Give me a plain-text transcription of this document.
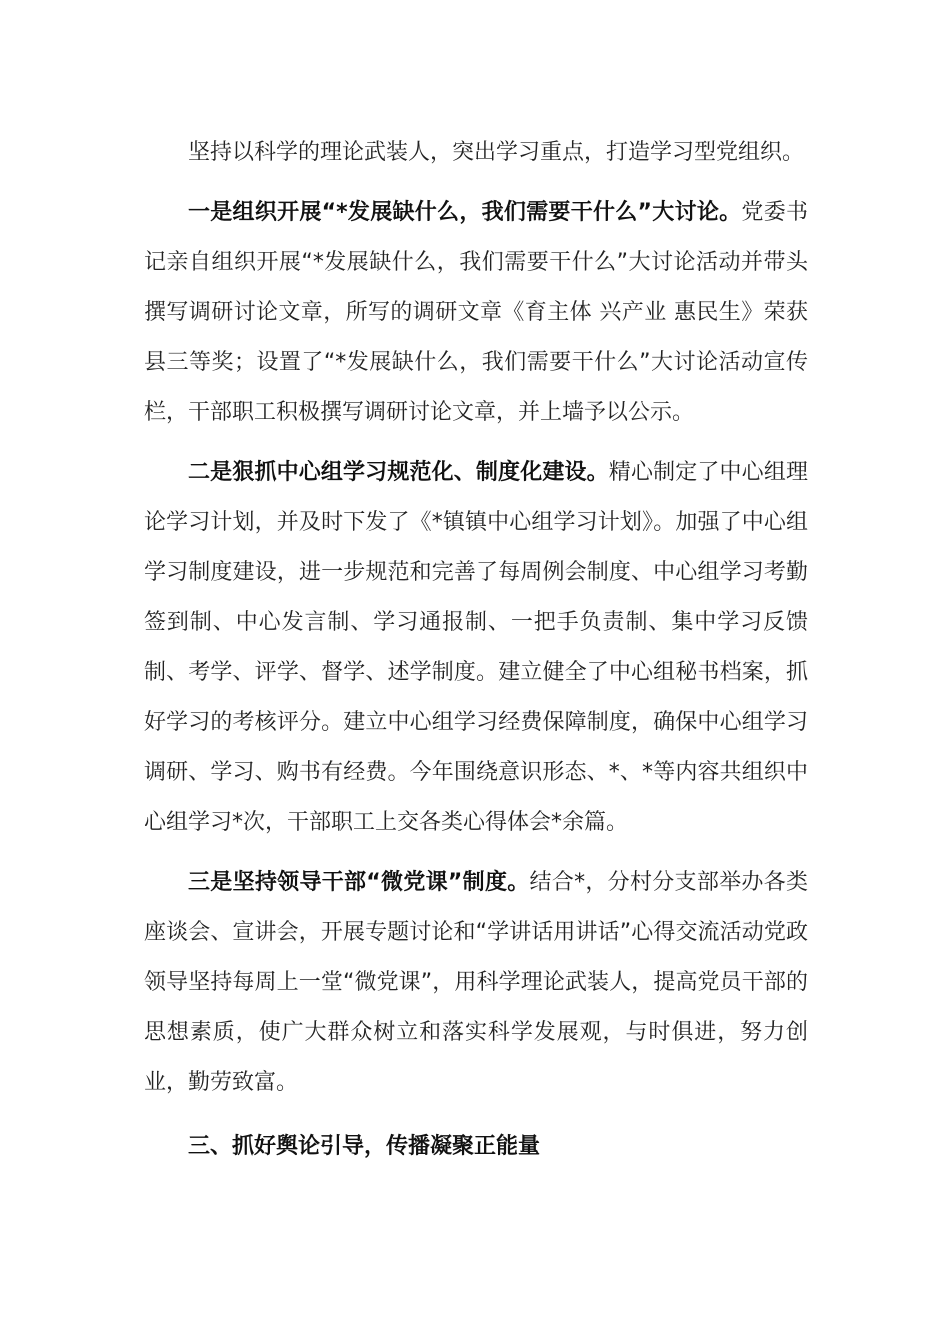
坚持以科学的理论武装人，突出学习重点，打造学习型党组织。

一是组织开展“*发展缺什么，我们需要干什么”大讨论。党委书记亲自组织开展“*发展缺什么，我们需要干什么”大讨论活动并带头撰写调研讨论文章，所写的调研文章《育主体 兴产业 惠民生》荣获县三等奖；设置了“*发展缺什么，我们需要干什么”大讨论活动宣传栏，干部职工积极撰写调研讨论文章，并上墙予以公示。

二是狠抓中心组学习规范化、制度化建设。精心制定了中心组理论学习计划，并及时下发了《*镇镇中心组学习计划》。加强了中心组学习制度建设，进一步规范和完善了每周例会制度、中心组学习考勤签到制、中心发言制、学习通报制、一把手负责制、集中学习反馈制、考学、评学、督学、述学制度。建立健全了中心组秘书档案，抓好学习的考核评分。建立中心组学习经费保障制度，确保中心组学习调研、学习、购书有经费。今年围绕意识形态、*、*等内容共组织中心组学习*次，干部职工上交各类心得体会*余篇。

三是坚持领导干部“微党课”制度。结合*，分村分支部举办各类座谈会、宣讲会，开展专题讨论和“学讲话用讲话”心得交流活动党政领导坚持每周上一堂“微党课”，用科学理论武装人，提高党员干部的思想素质，使广大群众树立和落实科学发展观，与时俱进，努力创业，勤劳致富。

三、抓好舆论引导，传播凝聚正能量
